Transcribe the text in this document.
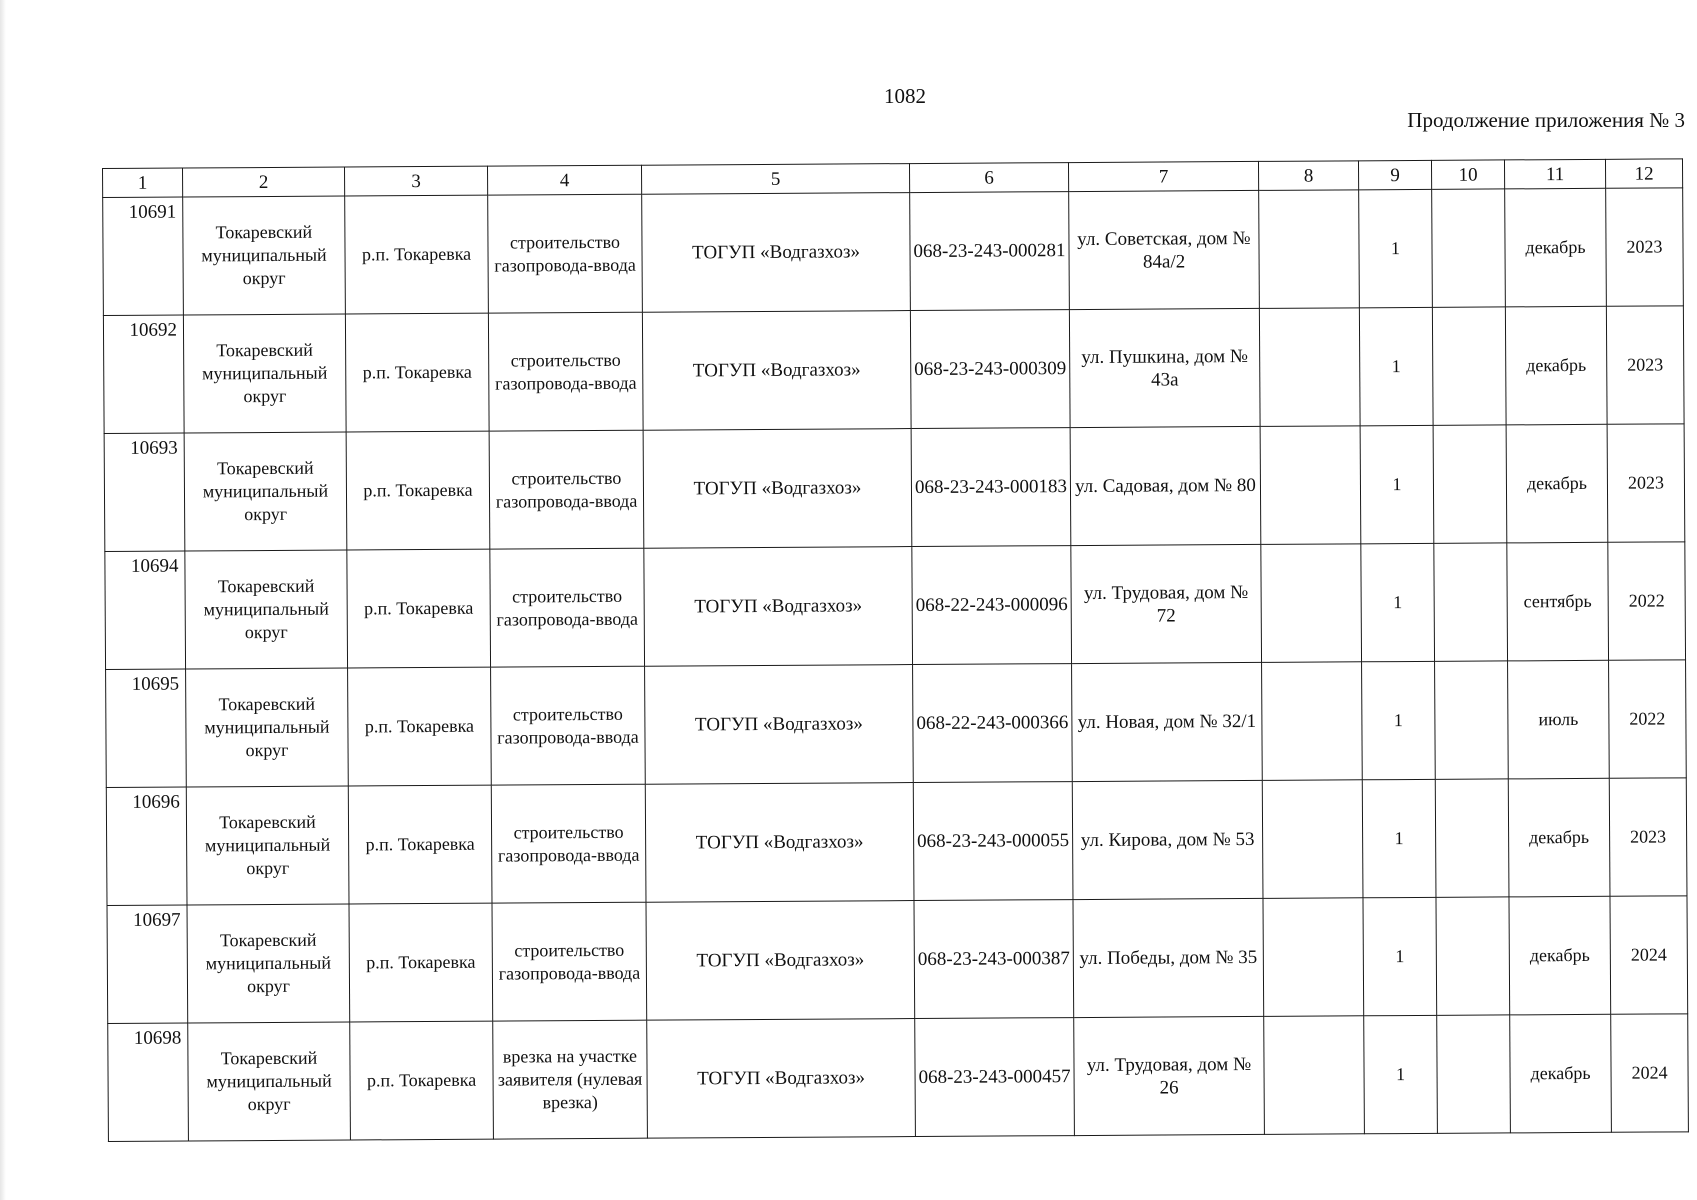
1082
Продолжение приложения № 3
1	2	3	4	5	6	7	8	9	10	11	12
10691	Токаревский муниципальный округ	р.п. Токаревка	строительство газопровода-ввода	ТОГУП «Водгазхоз»	068-23-243-000281	ул. Советская, дом № 84а/2		1		декабрь	2023
10692	Токаревский муниципальный округ	р.п. Токаревка	строительство газопровода-ввода	ТОГУП «Водгазхоз»	068-23-243-000309	ул. Пушкина, дом № 43а		1		декабрь	2023
10693	Токаревский муниципальный округ	р.п. Токаревка	строительство газопровода-ввода	ТОГУП «Водгазхоз»	068-23-243-000183	ул. Садовая, дом № 80		1		декабрь	2023
10694	Токаревский муниципальный округ	р.п. Токаревка	строительство газопровода-ввода	ТОГУП «Водгазхоз»	068-22-243-000096	ул. Трудовая, дом № 72		1		сентябрь	2022
10695	Токаревский муниципальный округ	р.п. Токаревка	строительство газопровода-ввода	ТОГУП «Водгазхоз»	068-22-243-000366	ул. Новая, дом № 32/1		1		июль	2022
10696	Токаревский муниципальный округ	р.п. Токаревка	строительство газопровода-ввода	ТОГУП «Водгазхоз»	068-23-243-000055	ул. Кирова, дом № 53		1		декабрь	2023
10697	Токаревский муниципальный округ	р.п. Токаревка	строительство газопровода-ввода	ТОГУП «Водгазхоз»	068-23-243-000387	ул. Победы, дом № 35		1		декабрь	2024
10698	Токаревский муниципальный округ	р.п. Токаревка	врезка на участке заявителя (нулевая врезка)	ТОГУП «Водгазхоз»	068-23-243-000457	ул. Трудовая, дом № 26		1		декабрь	2024
